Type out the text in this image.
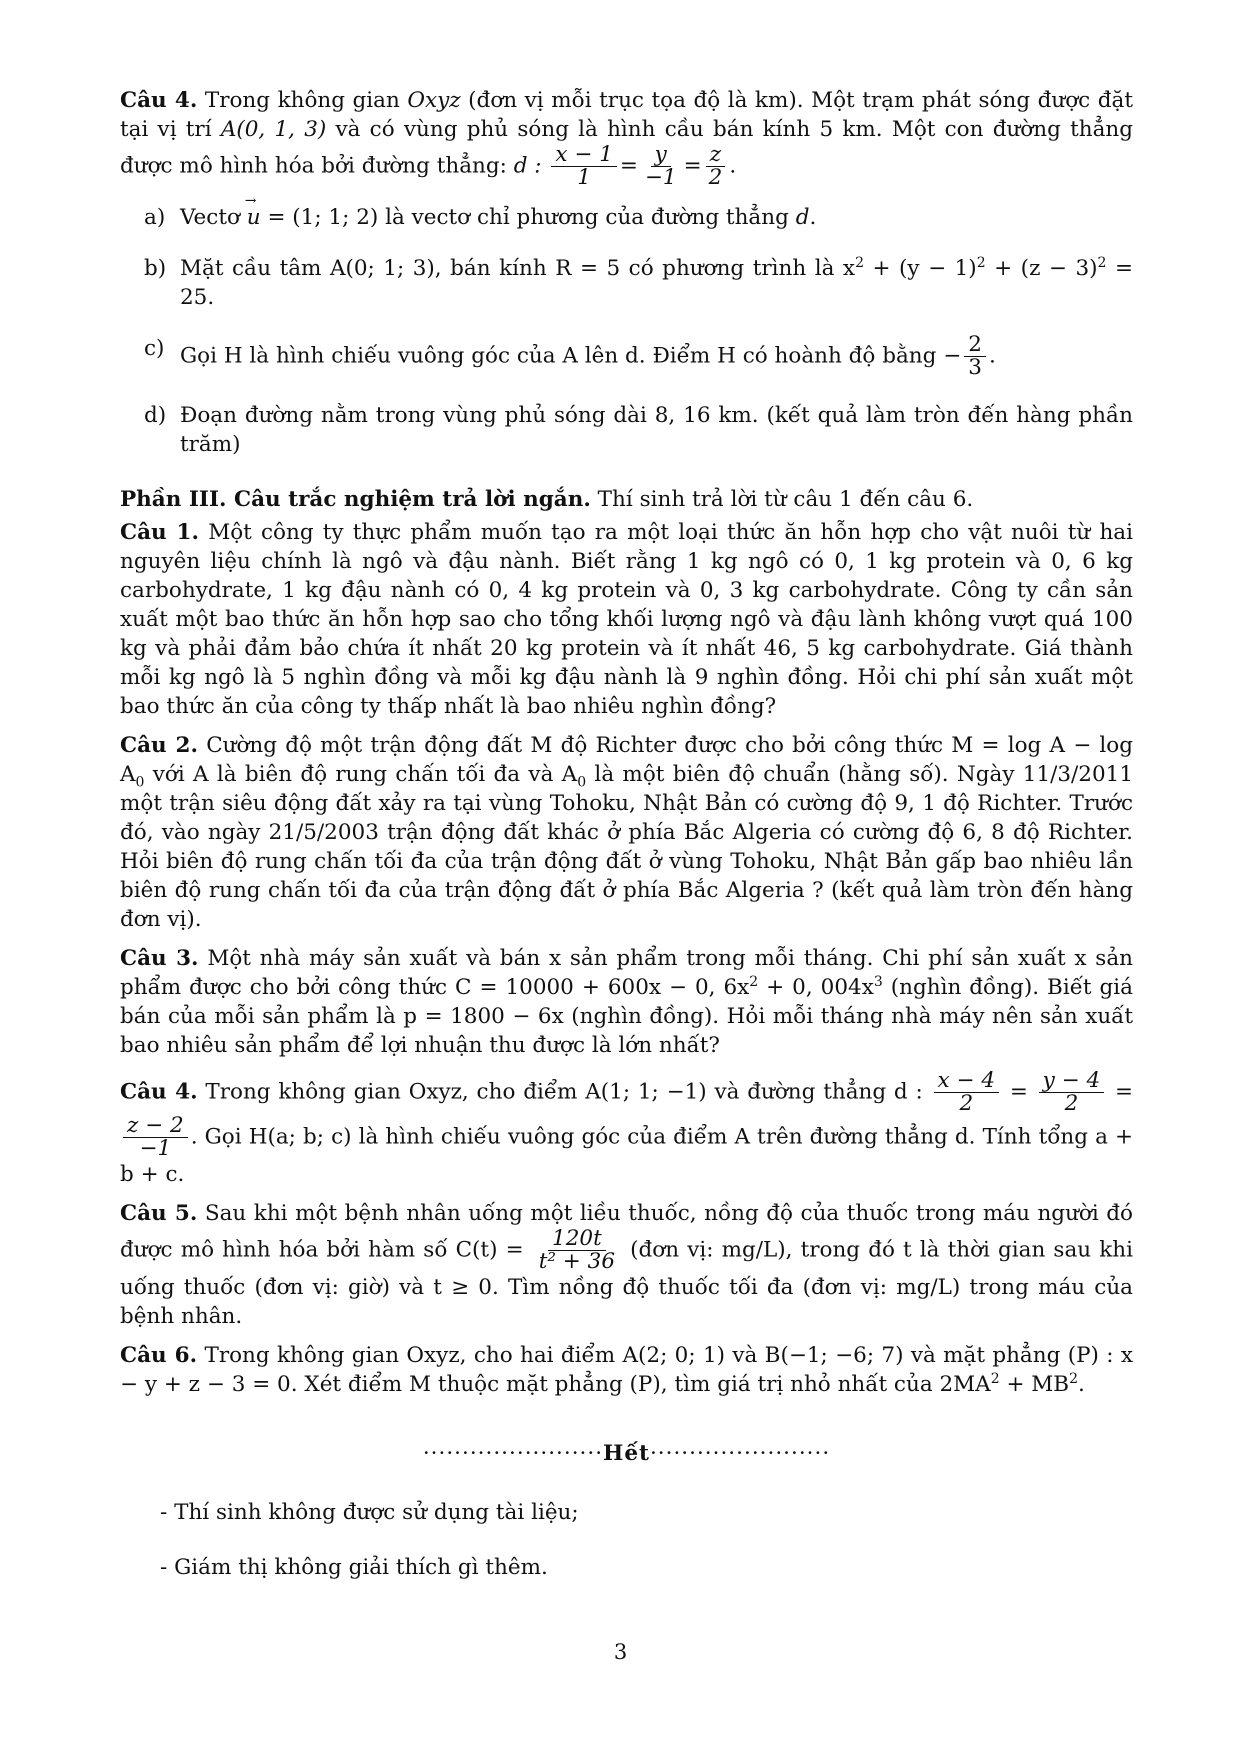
Câu 4. Trong không gian Oxyz (đơn vị mỗi trục tọa độ là km). Một trạm phát sóng được đặt tại vị trí A(0, 1, 3) và có vùng phủ sóng là hình cầu bán kính 5 km. Một con đường thẳng được mô hình hóa bởi đường thẳng: d : $\frac{x - 1}{1} = \frac{y}{-1} = \frac{z}{2}$ .

a) Vectơ → u = (1; 1; 2) là vectơ chỉ phương của đường thẳng d.
b) Mặt cầu tâm A(0; 1; 3), bán kính R = 5 có phương trình là $x^2 + (y - 1)^2 + (z - 3)^2 = 25$.
c) Gọi H là hình chiếu vuông góc của A lên d. Điểm H có hoành độ bằng − $\frac{2}{3}$ .
d) Đoạn đường nằm trong vùng phủ sóng dài 8, 16 km. (kết quả làm tròn đến hàng phần trăm)

Phần III. Câu trắc nghiệm trả lời ngắn. Thí sinh trả lời từ câu 1 đến câu 6.

Câu 1. Một công ty thực phẩm muốn tạo ra một loại thức ăn hỗn hợp cho vật nuôi từ hai nguyên liệu chính là ngô và đậu nành. Biết rằng 1 kg ngô có 0, 1 kg protein và 0, 6 kg carbohydrate, 1 kg đậu nành có 0, 4 kg protein và 0, 3 kg carbohydrate. Công ty cần sản xuất một bao thức ăn hỗn hợp sao cho tổng khối lượng ngô và đậu lành không vượt quá 100 kg và phải đảm bảo chứa ít nhất 20 kg protein và ít nhất 46, 5 kg carbohydrate. Giá thành mỗi kg ngô là 5 nghìn đồng và mỗi kg đậu nành là 9 nghìn đồng. Hỏi chi phí sản xuất một bao thức ăn của công ty thấp nhất là bao nhiêu nghìn đồng?

Câu 2. Cường độ một trận động đất M độ Richter được cho bởi công thức $M = \log A - \log A_0$ với A là biên độ rung chấn tối đa và $A_0$ là một biên độ chuẩn (hằng số). Ngày 11/3/2011 một trận siêu động đất xảy ra tại vùng Tohoku, Nhật Bản có cường độ 9, 1 độ Richter. Trước đó, vào ngày 21/5/2003 trận động đất khác ở phía Bắc Algeria có cường độ 6, 8 độ Richter. Hỏi biên độ rung chấn tối đa của trận động đất ở vùng Tohoku, Nhật Bản gấp bao nhiêu lần biên độ rung chấn tối đa của trận động đất ở phía Bắc Algeria ? (kết quả làm tròn đến hàng đơn vị).

Câu 3. Một nhà máy sản xuất và bán x sản phẩm trong mỗi tháng. Chi phí sản xuất x sản phẩm được cho bởi công thức C = 10000 + 600x − 0, $6x^2 + 0$, $004x^3$ (nghìn đồng). Biết giá bán của mỗi sản phẩm là p = 1800 − 6x (nghìn đồng). Hỏi mỗi tháng nhà máy nên sản xuất bao nhiêu sản phẩm để lợi nhuận thu được là lớn nhất?

Câu 4. Trong không gian Oxyz, cho điểm A(1; 1; −1) và đường thẳng d : $\frac{x - 4}{2} = \frac{y - 4}{2}$ =
$\frac{z - 2}{-1}$ . Gọi H(a; b; c) là hình chiếu vuông góc của điểm A trên đường thẳng d. Tính tổng a + b + c.

Câu 5. Sau khi một bệnh nhân uống một liều thuốc, nồng độ của thuốc trong máu người đó được mô hình hóa bởi hàm số $C(t) = \frac{120t}{\text{t² + 36}}$ (đơn vị: mg/L), trong đó t là thời gian sau khi uống thuốc (đơn vị: giờ) và t ≥ 0. Tìm nồng độ thuốc tối đa (đơn vị: mg/L) trong máu của bệnh nhân.

Câu 6. Trong không gian Oxyz, cho hai điểm A(2; 0; 1) và B(−1; −6; 7) và mặt phẳng (P) : x − y + z − 3 = 0. Xét điểm M thuộc mặt phẳng (P), tìm giá trị nhỏ nhất của $2MA^2 + MB^2$.

·······················Hết·······················
- Thí sinh không được sử dụng tài liệu;
- Giám thị không giải thích gì thêm.
3
